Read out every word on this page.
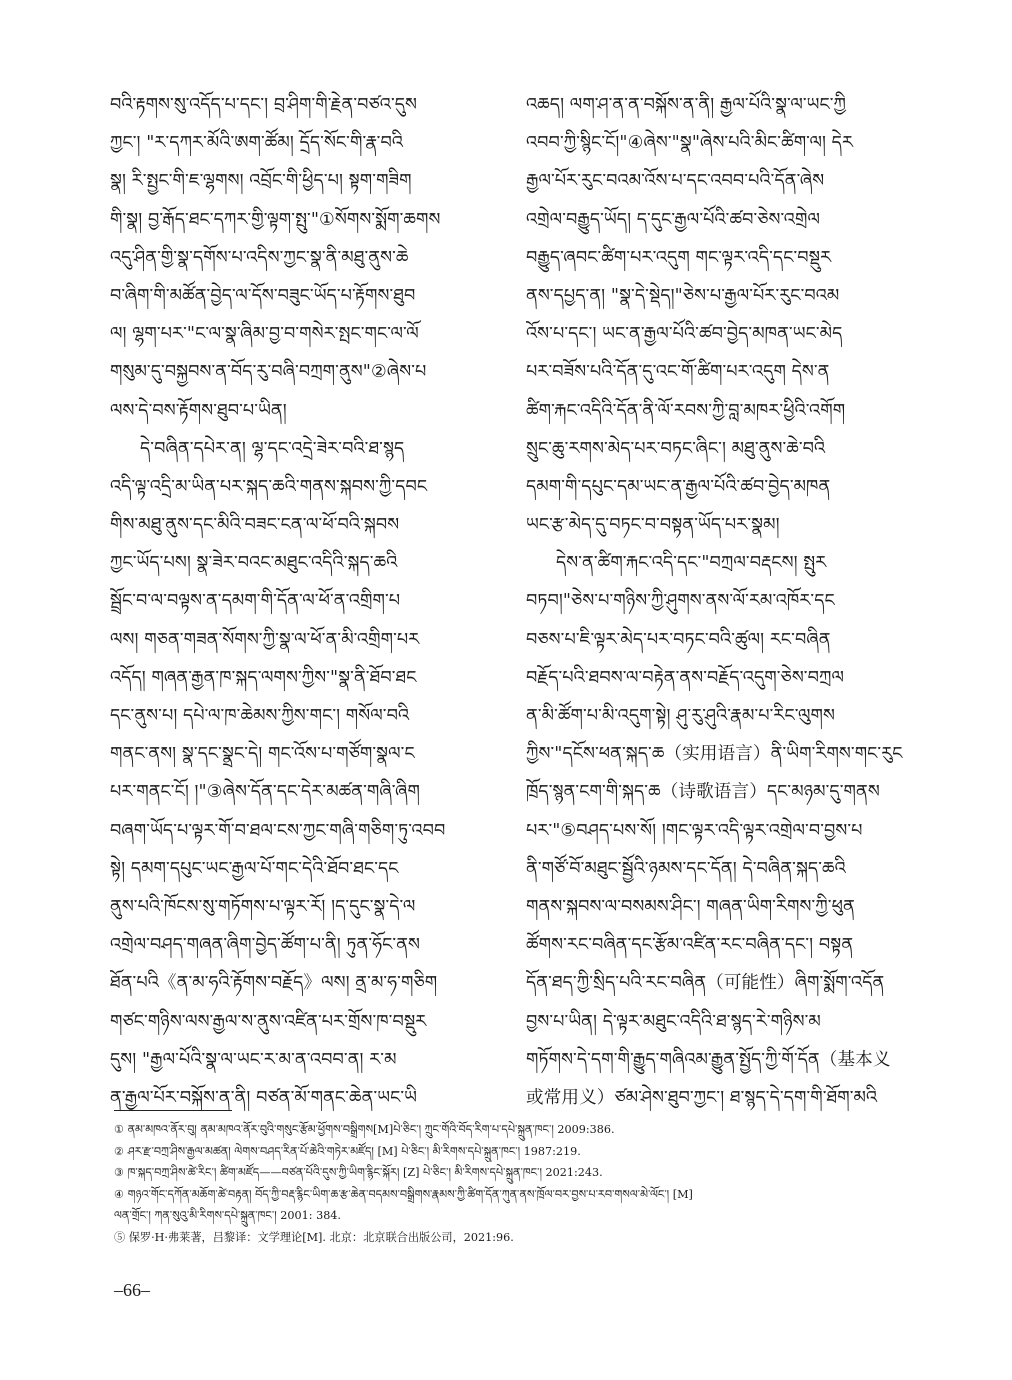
བའི་རྟགས་སུ་འདོད་པ་དང་། བྲ་ཤིག་གི་རྗེན་བཙའ་དུས
ཀྱང་། "ར་དཀར་མོའི་ཨག་ཚོམ། དྲོད་སོང་གི་རྣ་བའི
སྣ། རི་སྤྱང་གི་ཇ་ལྷགས། འབྲོང་གི་ཕྱིད་པ། སྟག་གཟིག
གི་སྣ། བྱ་རྒོད་ཐང་དཀར་གྱི་ལྟག་སྤུ་"①སོགས་སྨོག་ཆགས
འདུ་ཤིན་གྱི་སྣ་དགོས་པ་འདིས་ཀྱང་སྣ་ནི་མཐུ་ནུས་ཆེ
བ་ཞིག་གི་མཚོན་བྱེད་ལ་དོས་བཟུང་ཡོད་པ་རྟོགས་ཐུབ
ལ། ལྷག་པར་"ང་ལ་སྣ་ཞིམ་བྱ་བ་གསེར་སྤང་གང་ལ་ལོ
གསུམ་དུ་བསྐྱབས་ན་བོད་རུ་བཞི་བཀྲག་ནུས"②ཞེས་པ
ལས་དེ་བས་རྟོགས་ཐུབ་པ་ཡིན།
དེ་བཞིན་དཔེར་ན། ལྷ་དང་འདྲེ་ཟེར་བའི་ཐ་སྙད
འདི་ལྟ་འདྲི་མ་ཡིན་པར་སྐད་ཆའི་གནས་སྐབས་ཀྱི་དབང
གིས་མཐུ་ནུས་དང་མིའི་བཟང་ངན་ལ་ཕོ་བའི་སྐབས
ཀྱང་ཡོད་པས། སྣ་ཟེར་བའང་མཐུང་འདིའི་སྐད་ཆའི
སྦྲོང་བ་ལ་བལྟས་ན་དམག་གི་དོན་ལ་ཕོ་ན་འགྲིག་པ
ལས། གཅན་གཟན་སོགས་ཀྱི་སྣ་ལ་ཕོ་ན་མི་འགྲིག་པར
འདོད། གཞན་རྒྱན་ཁ་སྐད་ལགས་ཀྱིས་"སྣ་ནི་ཐོབ་ཐང
དང་ནུས་པ། དཔེ་ལ་ཁ་ཆེམས་ཀྱིས་གང་། གསོལ་བའི
གནང་ནས། སྣ་དང་སྣྲང་དེ། གང་འོས་པ་གཙོག་སྣལ་ང
པར་གནང་ངོ། །"③ཞེས་དོན་དང་དེར་མཚན་གཞི་ཞིག
བཞག་ཡོད་པ་ལྟར་གོ་བ་ཐལ་ངས་ཀྱང་གཞི་གཅིག་ཏུ་འབབ
སྟེ། དམག་དཔུང་ཡང་རྒྱལ་པོ་གང་དེའི་ཐོབ་ཐང་དང
ནུས་པའི་ཁོངས་སུ་གཏོགས་པ་ལྟར་རོ། །ད་དུང་སྣ་དེ་ལ
འགྲེལ་བཤད་གཞན་ཞིག་བྱེད་ཚོག་པ་ནི། ཏུན་ཧོང་ནས
ཐོན་པའི《ན་མ་ཧའི་རྟོགས་བརྗོད》ལས། ནྲ་མ་ཧ་གཅིག
གཙང་གཉིས་ལས་རྒྱལ་ས་ནུས་འཛིན་པར་གྲོས་ཁ་བསྡུར
དུས། "རྒྱལ་པོའི་སྣ་ལ་ཡང་ར་མ་ན་འབབ་ན། ར་མ
ན་རྒྱལ་པོར་བསྐོས་ན་ནི། བཙན་མོ་གནང་ཆེན་ཡང་ཡི
འཆད། ལག་ཤ་ན་ན་བསྐོས་ན་ནི། རྒྱལ་པོའི་སྣ་ལ་ཡང་ཀྱི
འབབ་ཀྱི་སྙིང་ངོ།"④ཞེས་"སྣ"ཞེས་པའི་མིང་ཚིག་ལ། དེར
རྒྱལ་པོར་རུང་བའམ་འོས་པ་དང་འབབ་པའི་དོན་ཞེས
འགྲེལ་བརྒྱུད་ཡོད། ད་དུང་རྒྱལ་པོའི་ཚབ་ཅེས་འགྲེལ
བརྒྱུད་ཞབང་ཚིག་པར་འདུག གང་ལྟར་འདི་དང་བསྡུར
ནས་དཔྱད་ན། "སྣ་དེ་སྡེད།"ཅེས་པ་རྒྱལ་པོར་རུང་བའམ
འོས་པ་དང་། ཡང་ན་རྒྱལ་པོའི་ཚབ་བྱེད་མཁན་ཡང་མེད
པར་བཟོས་པའི་དོན་དུ་འང་གོ་ཚིག་པར་འདུག དེས་ན
ཚིག་རྐང་འདིའི་དོན་ནི་ལོ་རབས་ཀྱི་བླ་མཁར་ཕྱིའི་འགོག
སྲུང་ཆུ་རགས་མེད་པར་བཏང་ཞིང་། མཐུ་ནུས་ཆེ་བའི
དམག་གི་དཔུང་དམ་ཡང་ན་རྒྱལ་པོའི་ཚབ་བྱེད་མཁན
ཡང་རྩ་མེད་དུ་བཏང་བ་བསྟན་ཡོད་པར་སྣམ།
དེས་ན་ཚིག་རྐང་འདི་དང་"བཀྲལ་བརྡངས། སྤུར
བཏབ།"ཅེས་པ་གཉིས་ཀྱི་ཤུགས་ནས་ལོ་རམ་འཁོར་དང
བཅས་པ་ཇི་ལྟར་མེད་པར་བཏང་བའི་ཚུལ། རང་བཞིན
བརྗོད་པའི་ཐབས་ལ་བརྟེན་ནས་བརྗོད་འདུག་ཅེས་བཀྲལ
ན་མི་ཚོག་པ་མི་འདུག་སྟེ། ཤུ་རུ་ཤུའི་རྣམ་པ་རིང་ལུགས
ཀྱིས་"དངོས་ཕན་སྐད་ཆ（实用语言）ནི་ཡིག་རིགས་གང་རུང
ཁྲོད་སྙན་ངག་གི་སྐད་ཆ（诗歌语言）དང་མཉམ་དུ་གནས
པར་"⑤བཤད་པས་སོ། །གང་ལྟར་འདི་ལྟར་འགྲེལ་བ་བྱས་པ
ནི་གཙོ་བོ་མཐུང་སྦྱོའི་ཉམས་དང་དོན། དེ་བཞིན་སྐད་ཆའི
གནས་སྐབས་ལ་བསམས་ཤིང་། གཞན་ཡིག་རིགས་ཀྱི་ཕུན
ཚོགས་རང་བཞིན་དང་རྩོམ་འཛིན་རང་བཞིན་དང་། བསྟན
དོན་ཐད་ཀྱི་སྲིད་པའི་རང་བཞིན（可能性）ཞིག་སྨོག་འདོན
བྱས་པ་ཡིན། དེ་ལྟར་མཐུང་འདིའི་ཐ་སྙད་རེ་གཉིས་མ
གཏོགས་དེ་དག་གི་རྒྱུད་གཞིའམ་རྒྱུན་སྤྱོད་ཀྱི་གོ་དོན（基本义
或常用义）ཙམ་ཤེས་ཐུབ་ཀྱང་། ཐ་སྙད་དེ་དག་གི་ཐོག་མའི
① ནམ་མཁའ་ནོར་བུ། ནམ་མཁའ་ནོར་བུའི་གསུང་རྩོམ་ཕྱོགས་བསྒྲིགས[M]པེ་ཅིང་། ཀྲུང་གོའི་བོད་རིག་པ་དཔེ་སྐྲུན་ཁང་། 2009:386.
② ཤར་རྫ་བཀྲ་ཤིས་རྒྱལ་མཚན། ལེགས་བཤད་རིན་པོ་ཆེའི་གཏེར་མཛོད། [M] པེ་ཅིང་། མི་རིགས་དཔེ་སྐྲུན་ཁང་། 1987:219.
③ ཁ་སྐད་བཀྲ་ཤིས་ཚེ་རིང་། ཚིག་མཛོད——བཙན་པོའི་དུས་ཀྱི་ཡིག་རྙིང་སྐོར། [Z] པེ་ཅིང་། མི་རིགས་དཔེ་སྐྲུན་ཁང་། 2021:243.
④ གཉའ་གོང་དཀོན་མཆོག་ཚེ་བརྟན། བོད་ཀྱི་བརྡ་རྙིང་ཡིག་ཆ་རྩ་ཆེན་བདམས་བསྒྲིགས་རྣམས་ཀྱི་ཚིག་དོན་ཀུན་ནས་ཁྲོལ་བར་བྱས་པ་རབ་གསལ་མེ་ལོང་། [M]
ལན་གྲོང་། ཀན་སུའུ་མི་རིགས་དཔེ་སྐྲུན་ཁང་། 2001: 384.
⑤ 保罗·H·弗莱著，吕黎译：文学理论[M]. 北京：北京联合出版公司，2021:96.
–66–
